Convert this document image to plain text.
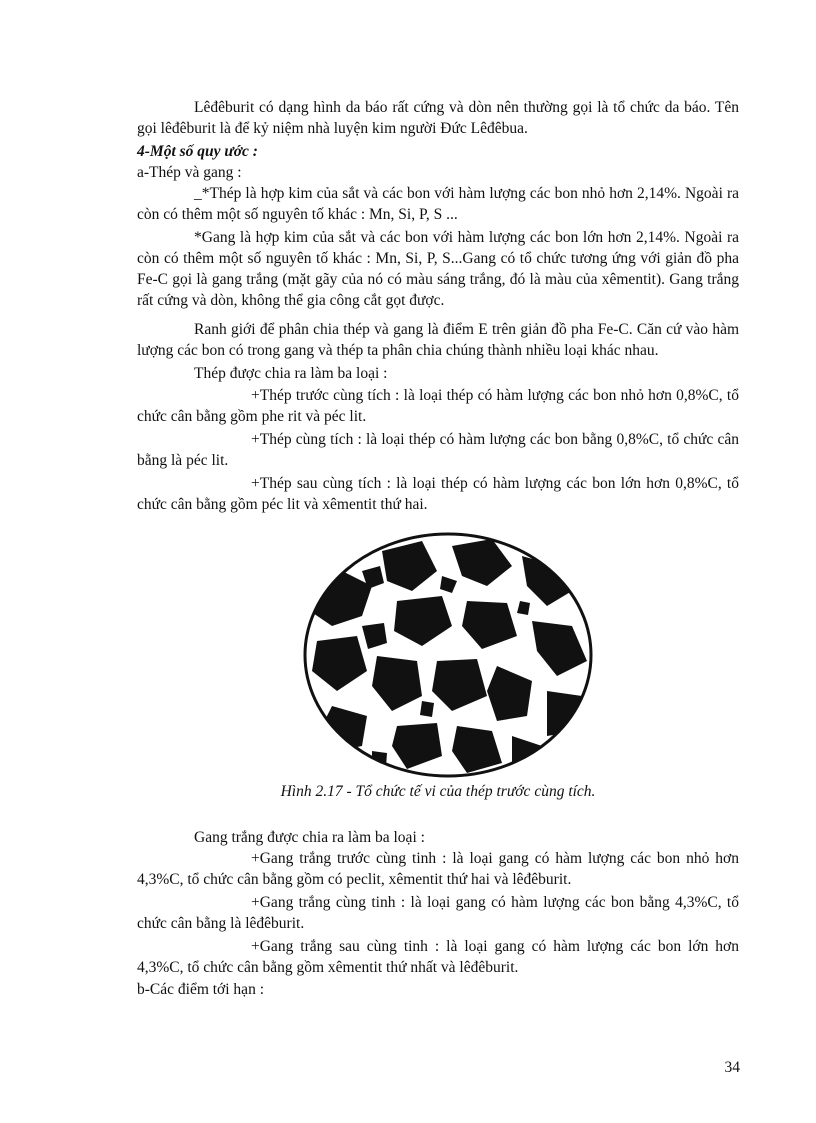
Lêđêburit có dạng hình da báo rất cứng và dòn nên thường gọi là tổ chức da báo. Tên gọi lêđêburit là để kỷ niệm nhà luyện kim người Đức Lêđêbua.

4-Một số quy ước :

a-Thép và gang :

_*Thép là hợp kim của sắt và các bon với hàm lượng các bon nhỏ hơn 2,14%. Ngoài ra còn có thêm một số nguyên tố khác : Mn, Si, P, S ...

*Gang là hợp kim của sắt và các bon với hàm lượng các bon lớn hơn 2,14%. Ngoài ra còn có thêm một số nguyên tố khác : Mn, Si, P, S...Gang có tổ chức tương ứng với giản đồ pha Fe-C gọi là gang trắng (mặt gãy của nó có màu sáng trắng, đó là màu của xêmentit). Gang trắng rất cứng và dòn, không thể gia công cắt gọt được.

Ranh giới để phân chia thép và gang là điểm E trên giản đồ pha Fe-C. Căn cứ vào hàm lượng các bon có trong gang và thép ta phân chia chúng thành nhiều loại khác nhau.

Thép được chia ra làm ba loại :

+Thép trước cùng tích : là loại thép có hàm lượng các bon nhỏ hơn 0,8%C, tổ chức cân bằng gồm phe rit và péc lit.

+Thép cùng tích : là loại thép có hàm lượng các bon bằng 0,8%C, tổ chức cân bằng là péc lit.

+Thép sau cùng tích : là loại thép có hàm lượng các bon lớn hơn 0,8%C, tổ chức cân bằng gồm péc lit và xêmentit thứ hai.

Hình 2.17 - Tổ chức tế vi của thép trước cùng tích.

Gang trắng được chia ra làm ba loại :

+Gang trắng trước cùng tinh : là loại gang có hàm lượng các bon nhỏ hơn 4,3%C, tổ chức cân bằng gồm có peclit, xêmentit thứ hai và lêđêburit.

+Gang trắng cùng tinh : là loại gang có hàm lượng các bon bằng 4,3%C, tổ chức cân bằng là lêđêburit.

+Gang trắng sau cùng tinh : là loại gang có hàm lượng các bon lớn hơn 4,3%C, tổ chức cân bằng gồm xêmentit thứ nhất và lêđêburit.

b-Các điểm tới hạn :

34
